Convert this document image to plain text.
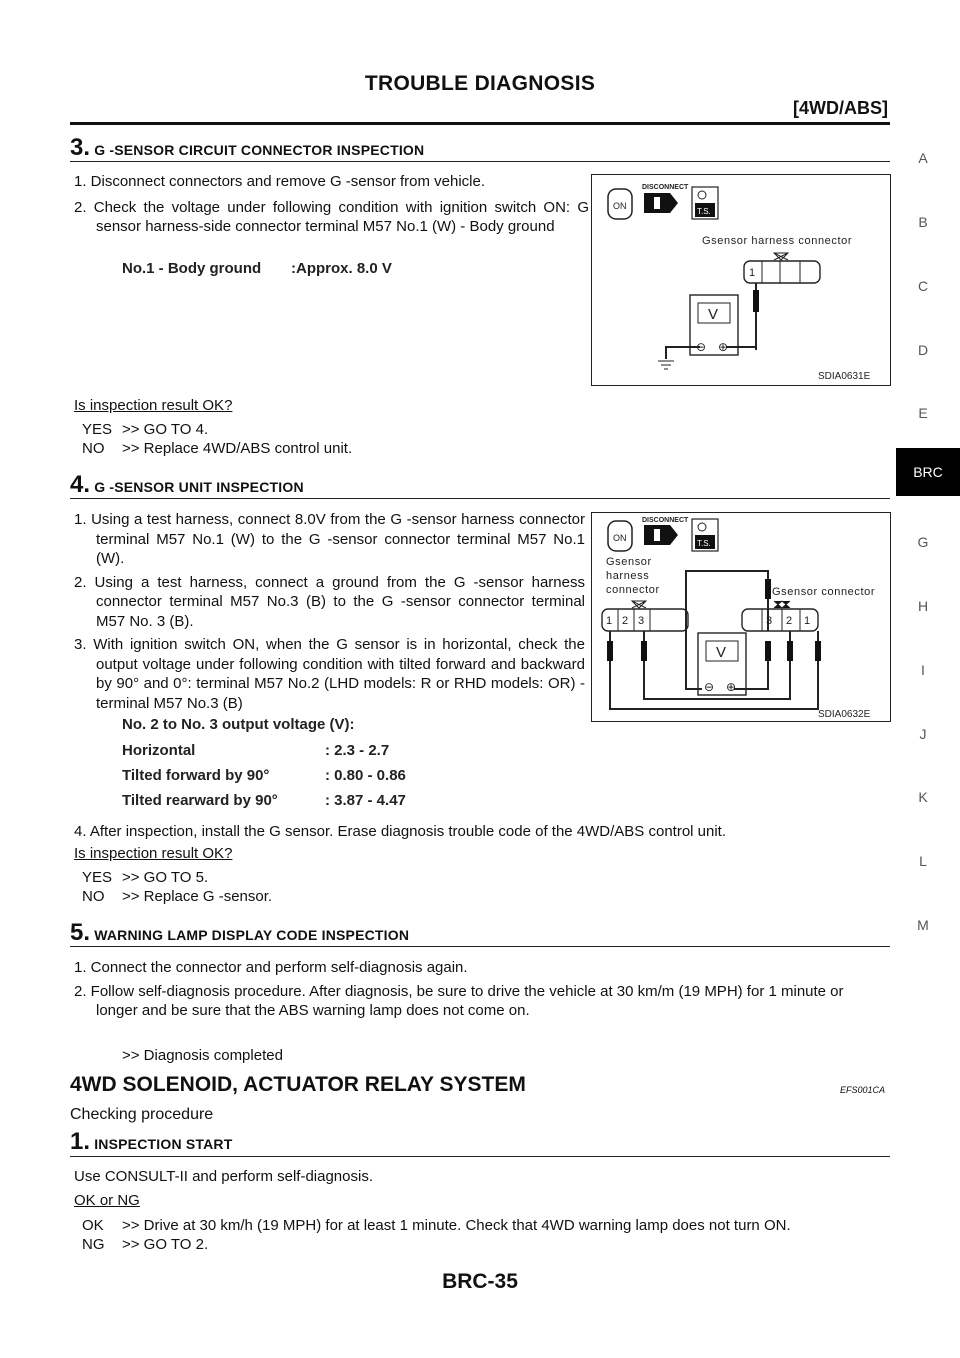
TROUBLE DIAGNOSIS
[4WD/ABS]
A
B
C
D
E
BRC
G
H
I
J
K
L
M
3. G -SENSOR CIRCUIT CONNECTOR INSPECTION
1. Disconnect connectors and remove G -sensor from vehicle.
2. Check the voltage under following condition with ignition switch ON: G sensor harness-side connector terminal M57 No.1 (W) - Body ground
No.1 - Body ground :Approx. 8.0 V
ON
DISCONNECT
T.S.
Gsensor harness connector
1
V
⊖ ⊕
SDIA0631E
Is inspection result OK?
YES >> GO TO 4.
NO >> Replace 4WD/ABS control unit.
4. G -SENSOR UNIT INSPECTION
1. Using a test harness, connect 8.0V from the G -sensor harness connector terminal M57 No.1 (W) to the G -sensor connector terminal M57 No.1 (W).
2. Using a test harness, connect a ground from the G -sensor harness connector terminal M57 No.3 (B) to the G -sensor connector terminal M57 No. 3 (B).
3. With ignition switch ON, when the G sensor is in horizontal, check the output voltage under following condition with tilted forward and backward by 90° and 0°: terminal M57 No.2 (LHD models: R or RHD models: OR) - terminal M57 No.3 (B)
No. 2 to No. 3 output voltage (V):
Horizontal	: 2.3 - 2.7
Tilted forward by 90°	: 0.80 - 0.86
Tilted rearward by 90°	: 3.87 - 4.47
ON
DISCONNECT
T.S.
Gsensor
harness
connector	Gsensor connector
1 2 3	3 2 1
V
⊖ ⊕
SDIA0632E
4. After inspection, install the G sensor. Erase diagnosis trouble code of the 4WD/ABS control unit.
Is inspection result OK?
YES >> GO TO 5.
NO >> Replace G -sensor.
5. WARNING LAMP DISPLAY CODE INSPECTION
1. Connect the connector and perform self-diagnosis again.
2. Follow self-diagnosis procedure. After diagnosis, be sure to drive the vehicle at 30 km/m (19 MPH) for 1 minute or longer and be sure that the ABS warning lamp does not come on.
>> Diagnosis completed
4WD SOLENOID, ACTUATOR RELAY SYSTEM	EFS001CA
Checking procedure
1. INSPECTION START
Use CONSULT-II and perform self-diagnosis.
OK or NG
OK >> Drive at 30 km/h (19 MPH) for at least 1 minute. Check that 4WD warning lamp does not turn ON.
NG >> GO TO 2.
BRC-35
